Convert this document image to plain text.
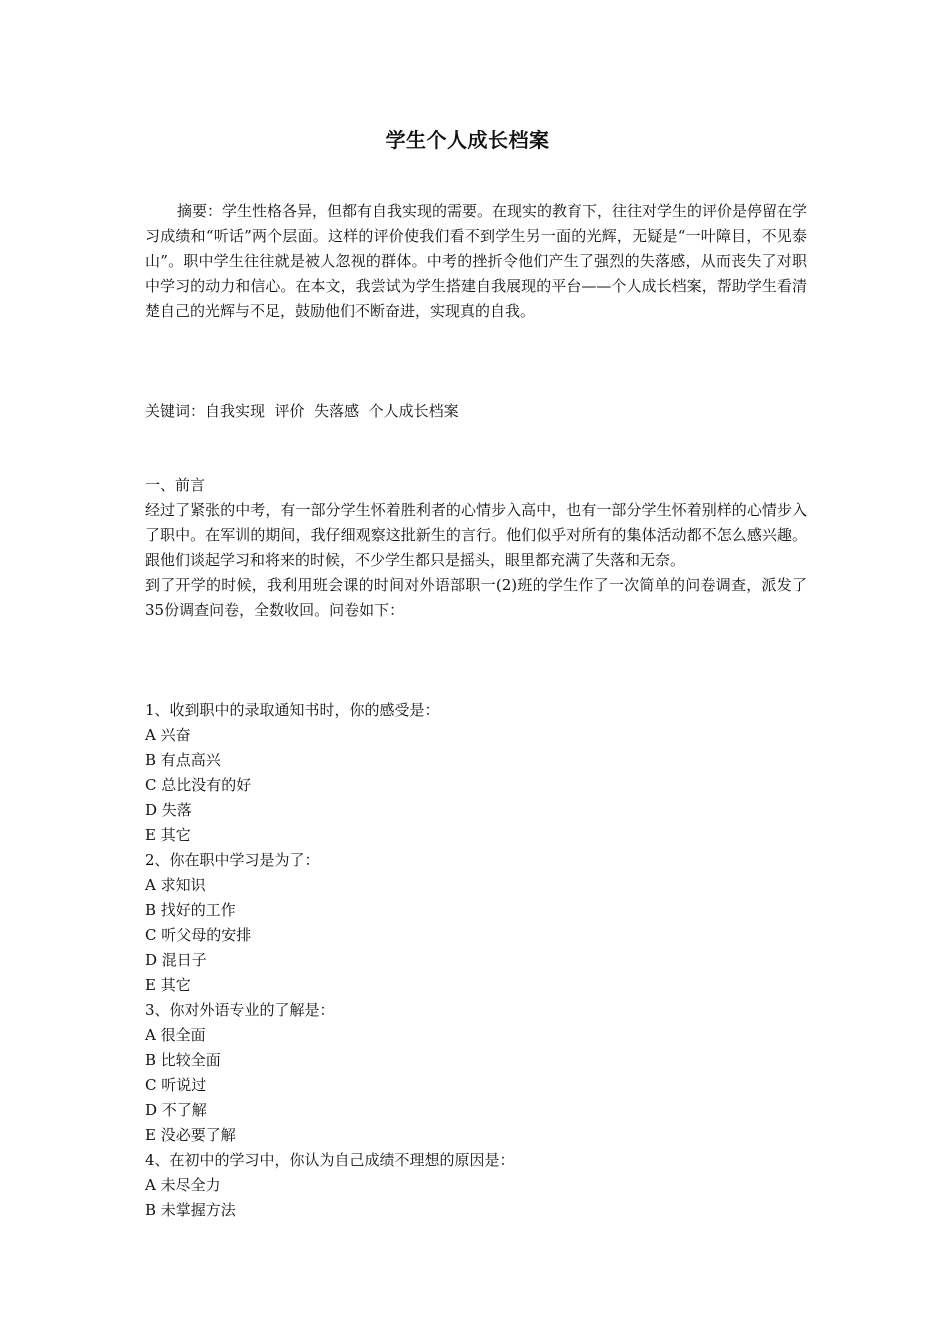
学生个人成长档案
摘要：学生性格各异，但都有自我实现的需要。在现实的教育下，往往对学生的评价是停留在学习成绩和“听话”两个层面。这样的评价使我们看不到学生另一面的光辉，无疑是“一叶障目，不见泰山”。职中学生往往就是被人忽视的群体。中考的挫折令他们产生了强烈的失落感，从而丧失了对职中学习的动力和信心。在本文，我尝试为学生搭建自我展现的平台——个人成长档案，帮助学生看清楚自己的光辉与不足，鼓励他们不断奋进，实现真的自我。
关键词：自我实现  评价  失落感  个人成长档案

一、前言

经过了紧张的中考，有一部分学生怀着胜利者的心情步入高中，也有一部分学生怀着别样的心情步入了职中。在军训的期间，我仔细观察这批新生的言行。他们似乎对所有的集体活动都不怎么感兴趣。跟他们谈起学习和将来的时候，不少学生都只是摇头，眼里都充满了失落和无奈。

到了开学的时候，我利用班会课的时间对外语部职一(2)班的学生作了一次简单的问卷调查，派发了35份调查问卷，全数收回。问卷如下：

1、收到职中的录取通知书时，你的感受是：

A 兴奋

B 有点高兴

C 总比没有的好

D 失落

E 其它

2、你在职中学习是为了：

A 求知识

B 找好的工作

C 听父母的安排

D 混日子

E 其它

3、你对外语专业的了解是：

A 很全面

B 比较全面

C 听说过

D 不了解

E 没必要了解

4、在初中的学习中，你认为自己成绩不理想的原因是：

A 未尽全力

B 未掌握方法
